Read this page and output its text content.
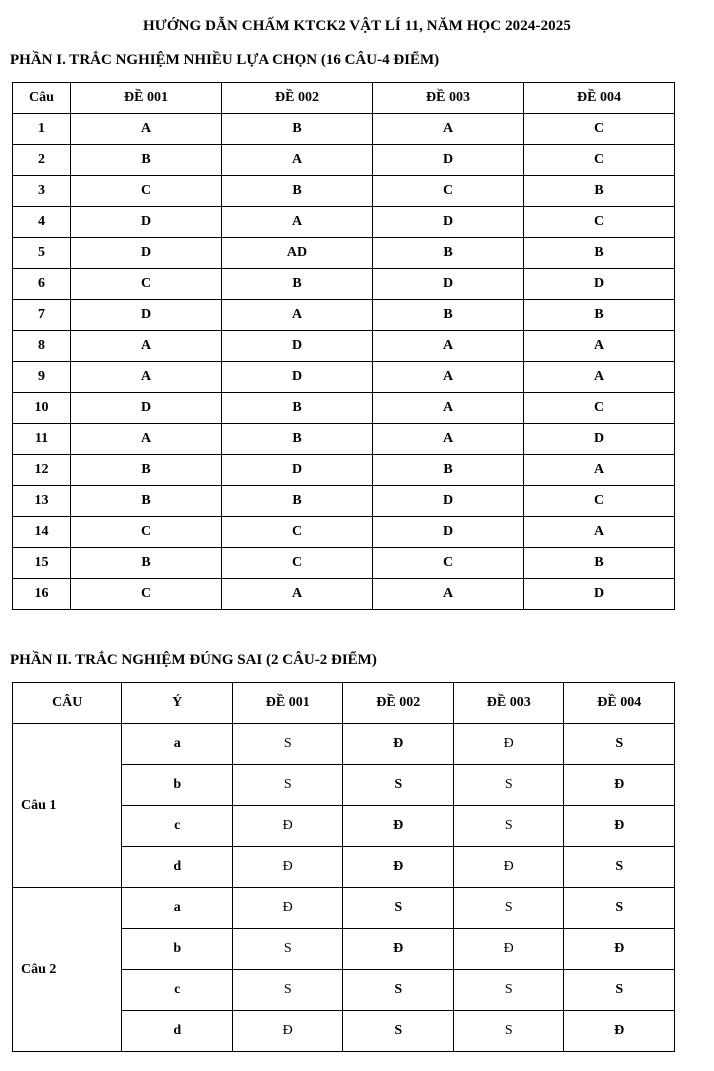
HƯỚNG DẪN CHẤM KTCK2 VẬT LÍ 11, NĂM HỌC 2024-2025
PHẦN I. TRẮC NGHIỆM NHIỀU LỰA CHỌN (16 CÂU-4 ĐIỂM)
Câu	ĐỀ 001	ĐỀ 002	ĐỀ 003	ĐỀ 004
1	A	B	A	C
2	B	A	D	C
3	C	B	C	B
4	D	A	D	C
5	D	AD	B	B
6	C	B	D	D
7	D	A	B	B
8	A	D	A	A
9	A	D	A	A
10	D	B	A	C
11	A	B	A	D
12	B	D	B	A
13	B	B	D	C
14	C	C	D	A
15	B	C	C	B
16	C	A	A	D
PHẦN II. TRẮC NGHIỆM ĐÚNG SAI (2 CÂU-2 ĐIỂM)
CÂU	Ý	ĐỀ 001	ĐỀ 002	ĐỀ 003	ĐỀ 004
Câu 1	a	S	Đ	Đ	S
	b	S	S	S	Đ
	c	Đ	Đ	S	Đ
	d	Đ	Đ	Đ	S
Câu 2	a	Đ	S	S	S
	b	S	Đ	Đ	Đ
	c	S	S	S	S
	d	Đ	S	S	Đ
